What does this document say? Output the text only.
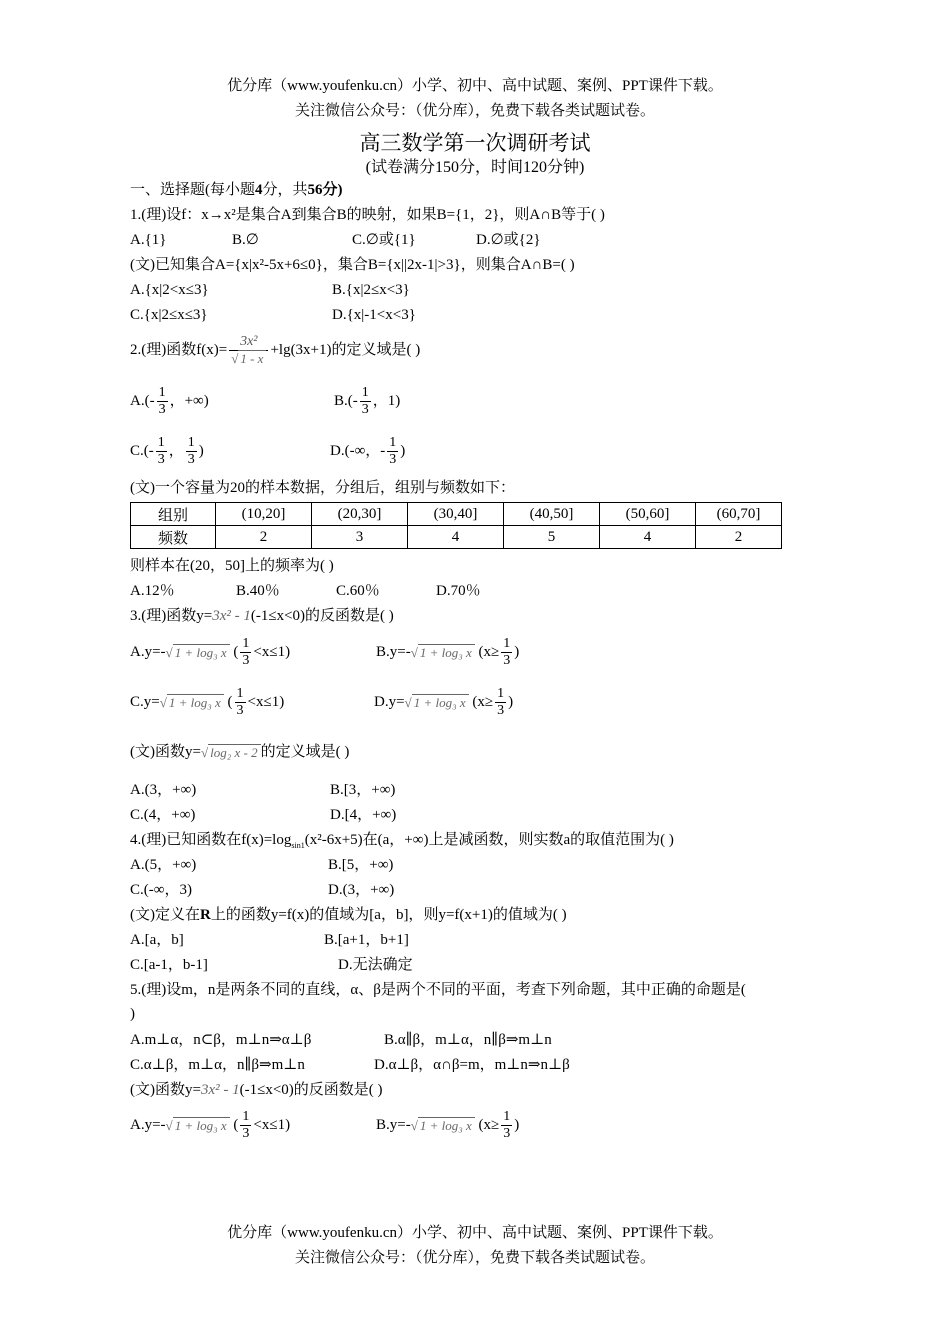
优分库（www.youfenku.cn）小学、初中、高中试题、案例、PPT课件下载。
关注微信公众号：（优分库），免费下载各类试题试卷。
高三数学第一次调研考试
(试卷满分150分，时间120分钟)
一、选择题(每小题4分，共56分)
1.(理)设f：x→x²是集合A到集合B的映射，如果B={1，2}，则A∩B等于( )
A.{1}	B.∅	C.∅或{1}	D.∅或{2}
(文)已知集合A={x|x²-5x+6≤0}，集合B={x||2x-1|>3}，则集合A∩B=( )
A.{x|2<x≤3}	B.{x|2≤x<3}
C.{x|2≤x≤3}	D.{x|-1<x<3}
2.(理)函数$f(x)= \frac{\text{3x²}}{√ 1 - x} +\lg(3x+1)$的定义域是( )
$A.(- \frac{1}{3}$ ，+∞)	$B.(- \frac{1}{3}$ ，1)
$C.(- \frac{1}{3}$ ， $\frac{1}{3}$ )	D.(-∞，- $\frac{1}{3}$ )
(文)一个容量为20的样本数据，分组后，组别与频数如下：
组别	(10,20]	(20,30]	(30,40]	(40,50]	(50,60]	(60,70]
频数	2	3	4	5	4	2
则样本在(20，50]上的频率为( )
A.12％	B.40％	C.60％	D.70％
3.(理)函数y=3x² - 1(-1≤x<0)的反函数是( )
A.y=-√ 1 + log₃ x ( $\frac{1}{3} <x\le 1$)	B.y=-√ 1 + log₃ x ($x\ge \frac{1}{3}$ )
C.y=√ 1 + log₃ x ( $\frac{1}{3} <x\le 1$)	D.y=√ 1 + log₃ x ($x\ge \frac{1}{3}$ )
(文)函数y=√ log₂ x - 2 的定义域是( )
A.(3，+∞)	B.[3，+∞)
C.(4，+∞)	D.[4，+∞)
4.(理)已知函数在$f(x)=\log_{sin1}(x^2-6x+5)$在(a，+∞)上是减函数，则实数a的取值范围为( )
A.(5，+∞)	B.[5，+∞)
C.(-∞，3)	D.(3，+∞)
(文)定义在R上的函数y=f(x)的值域为[a，b]，则y=f(x+1)的值域为( )
A.[a，b]	B.[a+1，b+1]
C.[a-1，b-1]	D.无法确定
5.(理)设m，n是两条不同的直线，α、β是两个不同的平面，考查下列命题，其中正确的命题是(
)
A.m⊥α，n⊂β，m⊥n⇒α⊥β	B.α∥β，m⊥α，n∥β⇒m⊥n
C.α⊥β，m⊥α，n∥β⇒m⊥n	D.α⊥β，α∩β=m，m⊥n⇒n⊥β
(文)函数y=3x² - 1(-1≤x<0)的反函数是( )
A.y=-√ 1 + log₃ x ( $\frac{1}{3} <x\le 1$)	B.y=-√ 1 + log₃ x ($x\ge \frac{1}{3}$ )
优分库（www.youfenku.cn）小学、初中、高中试题、案例、PPT课件下载。
关注微信公众号：（优分库），免费下载各类试题试卷。
